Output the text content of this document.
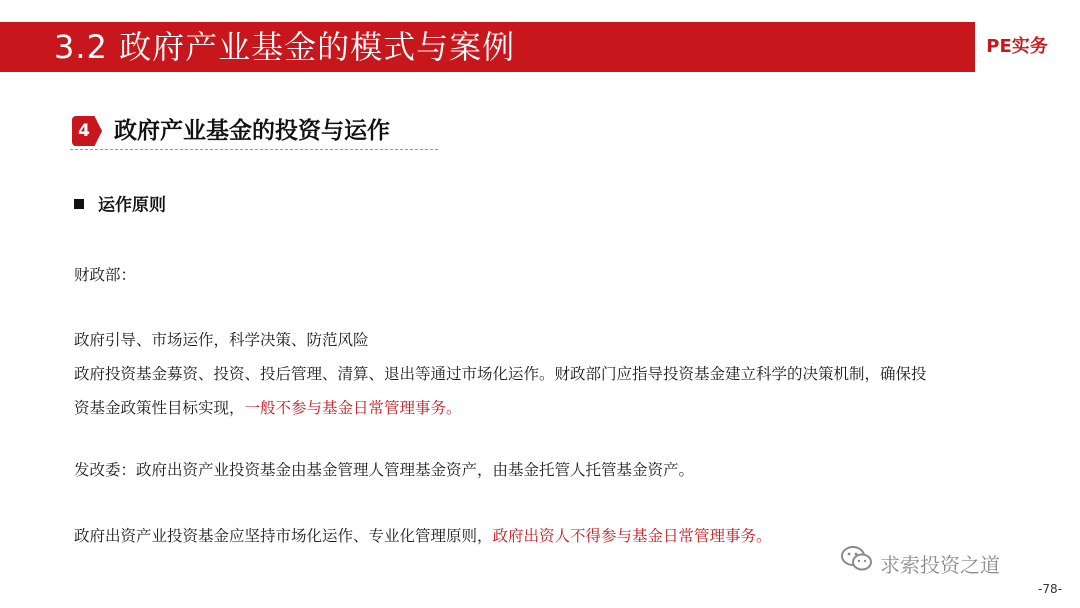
3.2 政府产业基金的模式与案例	PE实务
4 政府产业基金的投资与运作
运作原则
财政部：
政府引导、市场运作，科学决策、防范风险
政府投资基金募资、投资、投后管理、清算、退出等通过市场化运作。财政部门应指导投资基金建立科学的决策机制，确保投
资基金政策性目标实现，一般不参与基金日常管理事务。
发改委：政府出资产业投资基金由基金管理人管理基金资产，由基金托管人托管基金资产。
政府出资产业投资基金应坚持市场化运作、专业化管理原则，政府出资人不得参与基金日常管理事务。
求索投资之道
-78-
